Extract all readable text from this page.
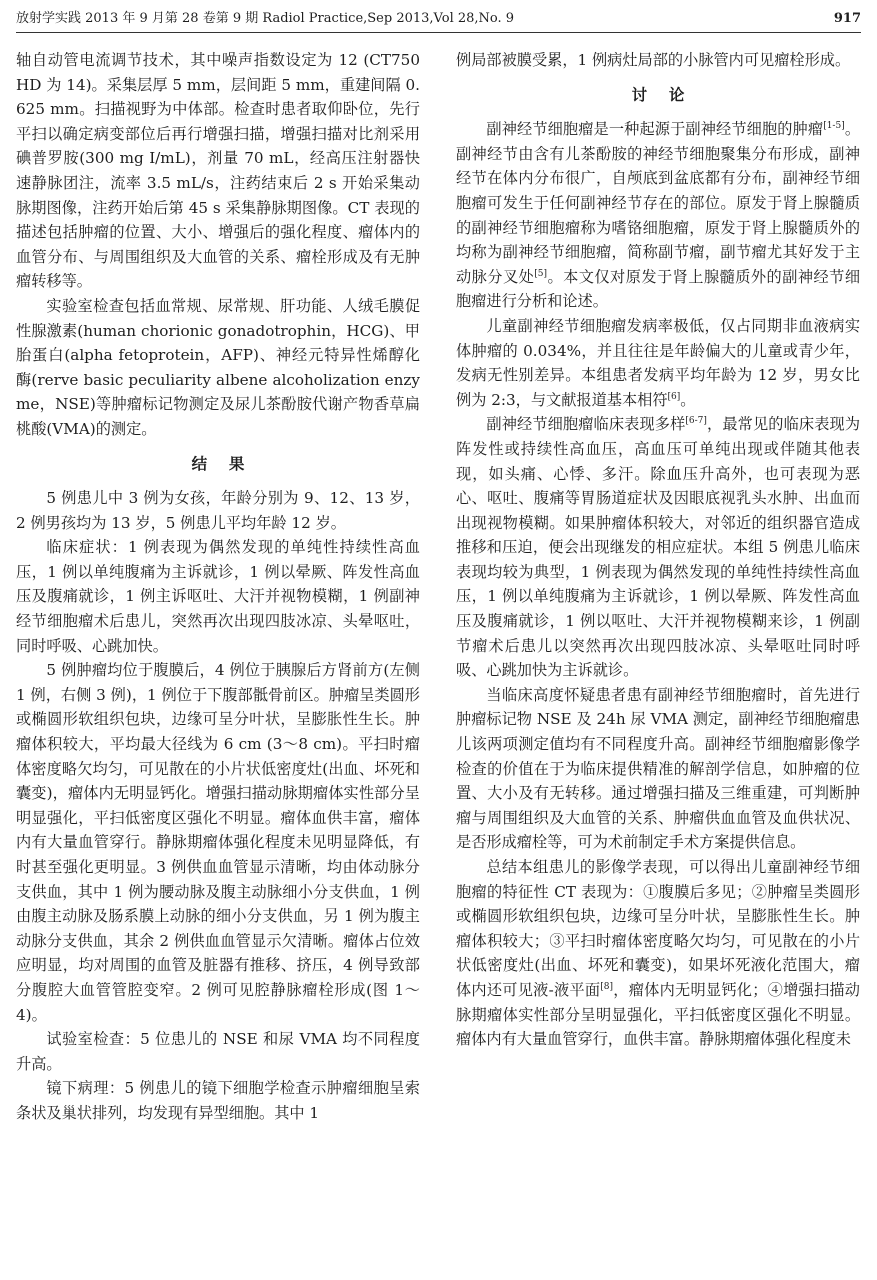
放射学实践 2013 年 9 月第 28 卷第 9 期 Radiol Practice,Sep 2013,Vol 28,No. 9	917

轴自动管电流调节技术，其中噪声指数设定为 12 (CT750 HD 为 14)。采集层厚 5 mm，层间距 5 mm，重建间隔 0.625 mm。扫描视野为中体部。检查时患者取仰卧位，先行平扫以确定病变部位后再行增强扫描，增强扫描对比剂采用碘普罗胺(300 mg I/mL)，剂量 70 mL，经高压注射器快速静脉团注，流率 3.5 mL/s，注药结束后 2 s 开始采集动脉期图像，注药开始后第 45 s 采集静脉期图像。CT 表现的描述包括肿瘤的位置、大小、增强后的强化程度、瘤体内的血管分布、与周围组织及大血管的关系、瘤栓形成及有无肿瘤转移等。

实验室检查包括血常规、尿常规、肝功能、人绒毛膜促性腺激素(human chorionic gonadotrophin，HCG)、甲胎蛋白(alpha fetoprotein，AFP)、神经元特异性烯醇化酶(rerve basic peculiarity albene alcoholization enzyme，NSE)等肿瘤标记物测定及尿儿茶酚胺代谢产物香草扁桃酸(VMA)的测定。

结果

5 例患儿中 3 例为女孩，年龄分别为 9、12、13 岁，2 例男孩均为 13 岁，5 例患儿平均年龄 12 岁。

临床症状：1 例表现为偶然发现的单纯性持续性高血压，1 例以单纯腹痛为主诉就诊，1 例以晕厥、阵发性高血压及腹痛就诊，1 例主诉呕吐、大汗并视物模糊，1 例副神经节细胞瘤术后患儿，突然再次出现四肢冰凉、头晕呕吐，同时呼吸、心跳加快。

5 例肿瘤均位于腹膜后，4 例位于胰腺后方肾前方(左侧 1 例，右侧 3 例)，1 例位于下腹部骶骨前区。肿瘤呈类圆形或椭圆形软组织包块，边缘可呈分叶状，呈膨胀性生长。肿瘤体积较大，平均最大径线为 6 cm (3～8 cm)。平扫时瘤体密度略欠均匀，可见散在的小片状低密度灶(出血、坏死和囊变)，瘤体内无明显钙化。增强扫描动脉期瘤体实性部分呈明显强化，平扫低密度区强化不明显。瘤体血供丰富，瘤体内有大量血管穿行。静脉期瘤体强化程度未见明显降低，有时甚至强化更明显。3 例供血血管显示清晰，均由体动脉分支供血，其中 1 例为腰动脉及腹主动脉细小分支供血，1 例由腹主动脉及肠系膜上动脉的细小分支供血，另 1 例为腹主动脉分支供血，其余 2 例供血血管显示欠清晰。瘤体占位效应明显，均对周围的血管及脏器有推移、挤压，4 例导致部分腹腔大血管管腔变窄。2 例可见腔静脉瘤栓形成(图 1～4)。

试验室检查：5 位患儿的 NSE 和尿 VMA 均不同程度升高。

镜下病理：5 例患儿的镜下细胞学检查示肿瘤细胞呈索条状及巢状排列，均发现有异型细胞。其中 1

例局部被膜受累，1 例病灶局部的小脉管内可见瘤栓形成。

讨论

副神经节细胞瘤是一种起源于副神经节细胞的肿瘤[1-5]。副神经节由含有儿茶酚胺的神经节细胞聚集分布形成，副神经节在体内分布很广，自颅底到盆底都有分布，副神经节细胞瘤可发生于任何副神经节存在的部位。原发于肾上腺髓质的副神经节细胞瘤称为嗜铬细胞瘤，原发于肾上腺髓质外的均称为副神经节细胞瘤，简称副节瘤，副节瘤尤其好发于主动脉分叉处[5]。本文仅对原发于肾上腺髓质外的副神经节细胞瘤进行分析和论述。

儿童副神经节细胞瘤发病率极低，仅占同期非血液病实体肿瘤的 0.034%，并且往往是年龄偏大的儿童或青少年，发病无性别差异。本组患者发病平均年龄为 12 岁，男女比例为 2:3，与文献报道基本相符[6]。

副神经节细胞瘤临床表现多样[6-7]，最常见的临床表现为阵发性或持续性高血压，高血压可单纯出现或伴随其他表现，如头痛、心悸、多汗。除血压升高外，也可表现为恶心、呕吐、腹痛等胃肠道症状及因眼底视乳头水肿、出血而出现视物模糊。如果肿瘤体积较大，对邻近的组织器官造成推移和压迫，便会出现继发的相应症状。本组 5 例患儿临床表现均较为典型，1 例表现为偶然发现的单纯性持续性高血压，1 例以单纯腹痛为主诉就诊，1 例以晕厥、阵发性高血压及腹痛就诊，1 例以呕吐、大汗并视物模糊来诊，1 例副节瘤术后患儿以突然再次出现四肢冰凉、头晕呕吐同时呼吸、心跳加快为主诉就诊。

当临床高度怀疑患者患有副神经节细胞瘤时，首先进行肿瘤标记物 NSE 及 24h 尿 VMA 测定，副神经节细胞瘤患儿该两项测定值均有不同程度升高。副神经节细胞瘤影像学检查的价值在于为临床提供精准的解剖学信息，如肿瘤的位置、大小及有无转移。通过增强扫描及三维重建，可判断肿瘤与周围组织及大血管的关系、肿瘤供血血管及血供状况、是否形成瘤栓等，可为术前制定手术方案提供信息。

总结本组患儿的影像学表现，可以得出儿童副神经节细胞瘤的特征性 CT 表现为：①腹膜后多见；②肿瘤呈类圆形或椭圆形软组织包块，边缘可呈分叶状，呈膨胀性生长。肿瘤体积较大；③平扫时瘤体密度略欠均匀，可见散在的小片状低密度灶(出血、坏死和囊变)，如果坏死液化范围大，瘤体内还可见液-液平面[8]，瘤体内无明显钙化；④增强扫描动脉期瘤体实性部分呈明显强化，平扫低密度区强化不明显。瘤体内有大量血管穿行，血供丰富。静脉期瘤体强化程度未
